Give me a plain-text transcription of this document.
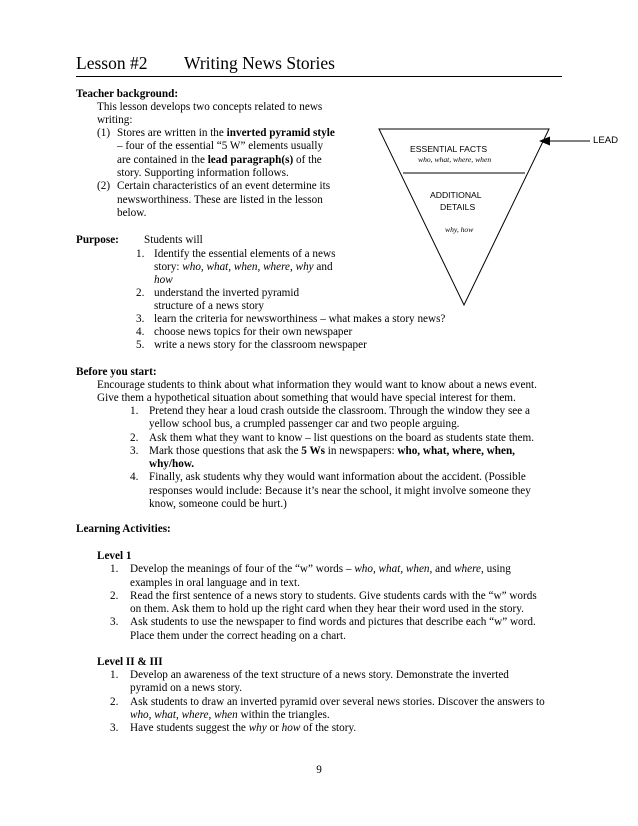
Lesson #2 Writing News Stories
Teacher background:
This lesson develops two concepts related to news
writing:
(1) Stores are written in the inverted pyramid style
– four of the essential “5 W” elements usually
are contained in the lead paragraph(s) of the
story. Supporting information follows.
(2) Certain characteristics of an event determine its
newsworthiness. These are listed in the lesson
below.
ESSENTIAL FACTS
who, what, where, when
ADDITIONAL
DETAILS
why, how
LEAD
Purpose: Students will
1. Identify the essential elements of a news
story: who, what, when, where, why and
how
2. understand the inverted pyramid
structure of a news story
3. learn the criteria for newsworthiness – what makes a story news?
4. choose news topics for their own newspaper
5. write a news story for the classroom newspaper
Before you start:
Encourage students to think about what information they would want to know about a news event.
Give them a hypothetical situation about something that would have special interest for them.
1. Pretend they hear a loud crash outside the classroom. Through the window they see a
yellow school bus, a crumpled passenger car and two people arguing.
2. Ask them what they want to know – list questions on the board as students state them.
3. Mark those questions that ask the 5 Ws in newspapers: who, what, where, when,
why/how.
4. Finally, ask students why they would want information about the accident. (Possible
responses would include: Because it’s near the school, it might involve someone they
know, someone could be hurt.)
Learning Activities:
Level 1
1. Develop the meanings of four of the “w” words – who, what, when, and where, using
examples in oral language and in text.
2. Read the first sentence of a news story to students. Give students cards with the “w” words
on them. Ask them to hold up the right card when they hear their word used in the story.
3. Ask students to use the newspaper to find words and pictures that describe each “w” word.
Place them under the correct heading on a chart.
Level II & III
1. Develop an awareness of the text structure of a news story. Demonstrate the inverted
pyramid on a news story.
2. Ask students to draw an inverted pyramid over several news stories. Discover the answers to
who, what, where, when within the triangles.
3. Have students suggest the why or how of the story.
9
